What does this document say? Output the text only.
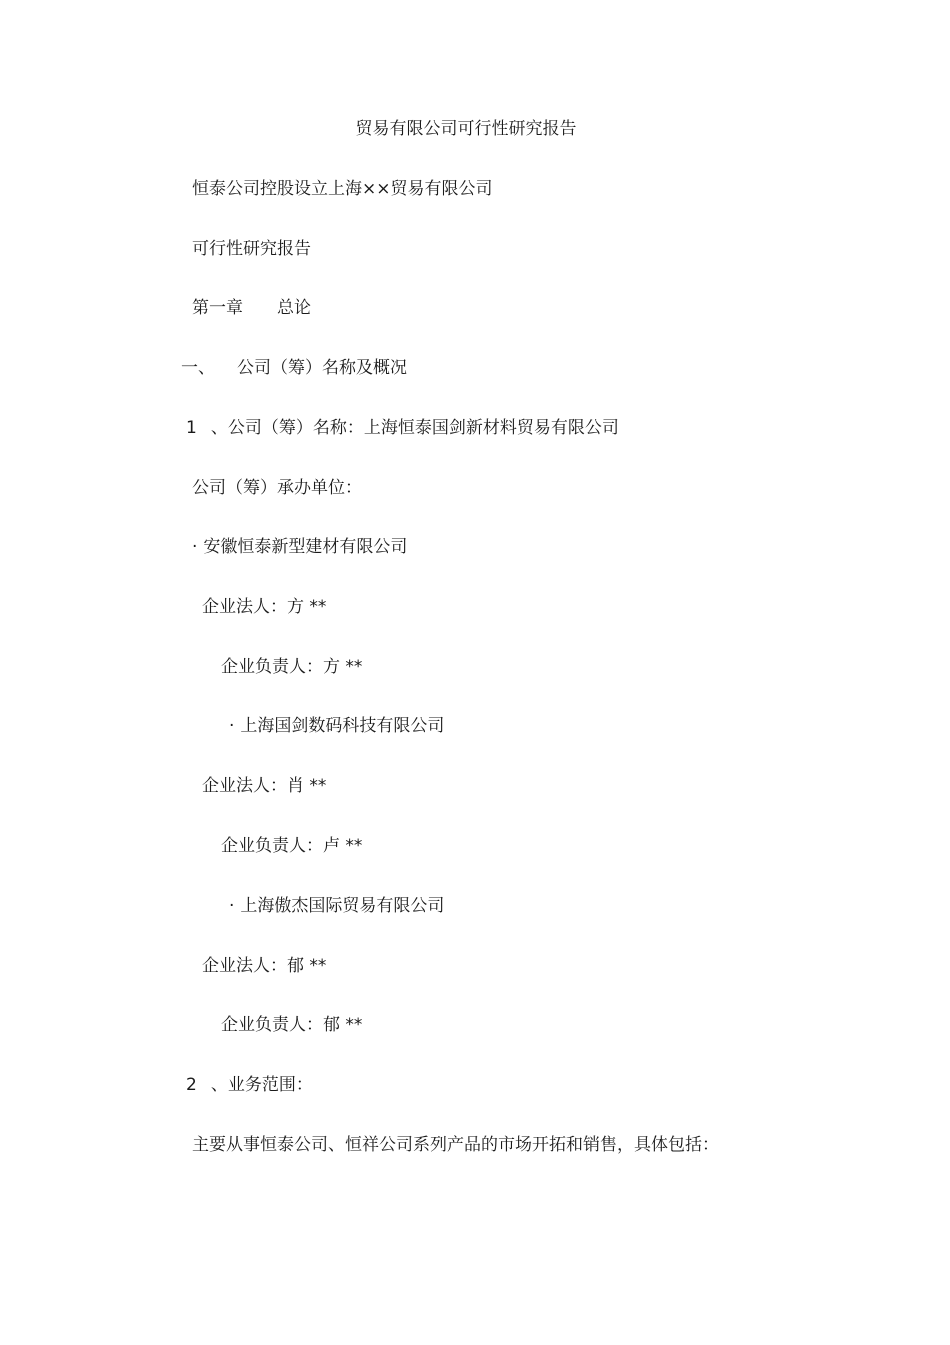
贸易有限公司可行性研究报告
恒泰公司控股设立上海××贸易有限公司
可行性研究报告
第一章 总论
一、 公司（筹）名称及概况
1 、公司（筹）名称：上海恒泰国剑新材料贸易有限公司
公司（筹）承办单位：
· 安徽恒泰新型建材有限公司
企业法人：方 **
企业负责人：方 **
· 上海国剑数码科技有限公司
企业法人：肖 **
企业负责人：卢 **
· 上海傲杰国际贸易有限公司
企业法人：郁 **
企业负责人：郁 **
2 、业务范围：
主要从事恒泰公司、恒祥公司系列产品的市场开拓和销售，具体包括：
